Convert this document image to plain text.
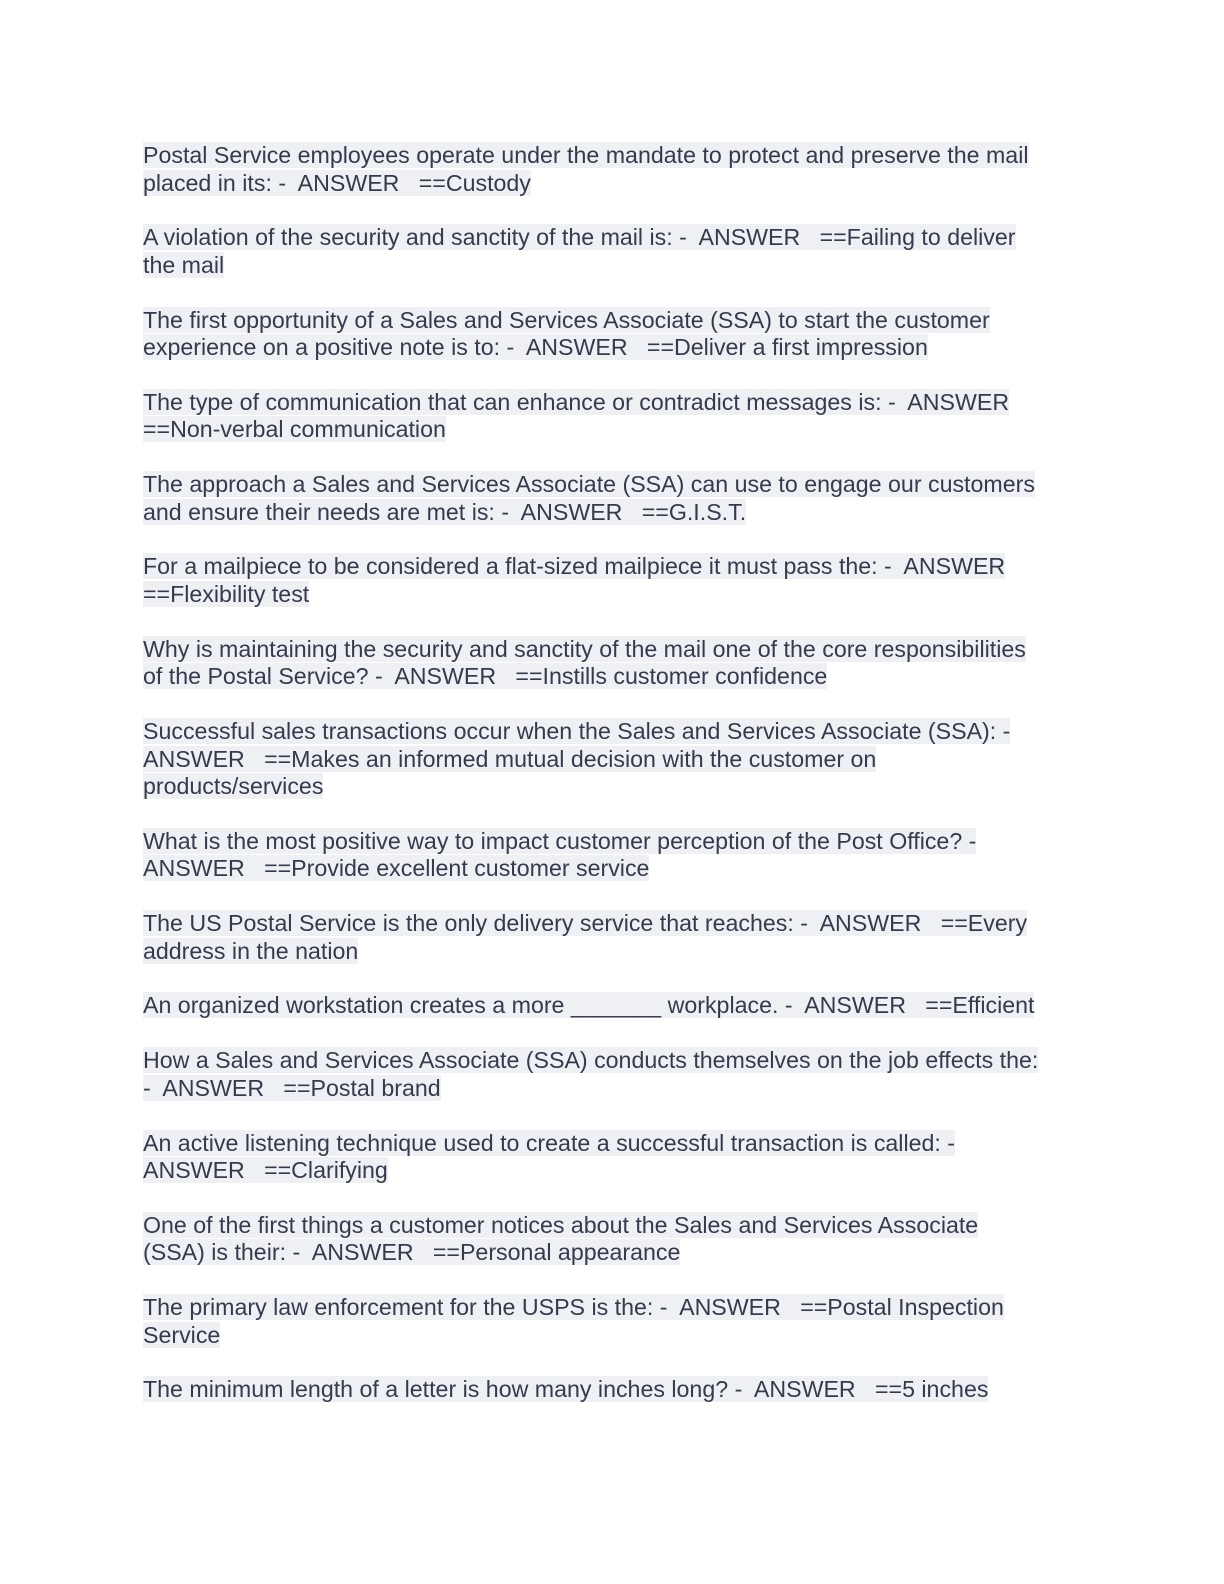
Postal Service employees operate under the mandate to protect and preserve the mail
placed in its: -  ANSWER   ==Custody
A violation of the security and sanctity of the mail is: -  ANSWER   ==Failing to deliver
the mail
The first opportunity of a Sales and Services Associate (SSA) to start the customer
experience on a positive note is to: -  ANSWER   ==Deliver a first impression
The type of communication that can enhance or contradict messages is: -  ANSWER
==Non-verbal communication
The approach a Sales and Services Associate (SSA) can use to engage our customers
and ensure their needs are met is: -  ANSWER   ==G.I.S.T.
For a mailpiece to be considered a flat-sized mailpiece it must pass the: -  ANSWER
==Flexibility test
Why is maintaining the security and sanctity of the mail one of the core responsibilities
of the Postal Service? -  ANSWER   ==Instills customer confidence
Successful sales transactions occur when the Sales and Services Associate (SSA): -
ANSWER   ==Makes an informed mutual decision with the customer on
products/services
What is the most positive way to impact customer perception of the Post Office? -
ANSWER   ==Provide excellent customer service
The US Postal Service is the only delivery service that reaches: -  ANSWER   ==Every
address in the nation
An organized workstation creates a more _______ workplace. -  ANSWER   ==Efficient
How a Sales and Services Associate (SSA) conducts themselves on the job effects the:
-  ANSWER   ==Postal brand
An active listening technique used to create a successful transaction is called: -
ANSWER   ==Clarifying
One of the first things a customer notices about the Sales and Services Associate
(SSA) is their: -  ANSWER   ==Personal appearance
The primary law enforcement for the USPS is the: -  ANSWER   ==Postal Inspection
Service
The minimum length of a letter is how many inches long? -  ANSWER   ==5 inches
